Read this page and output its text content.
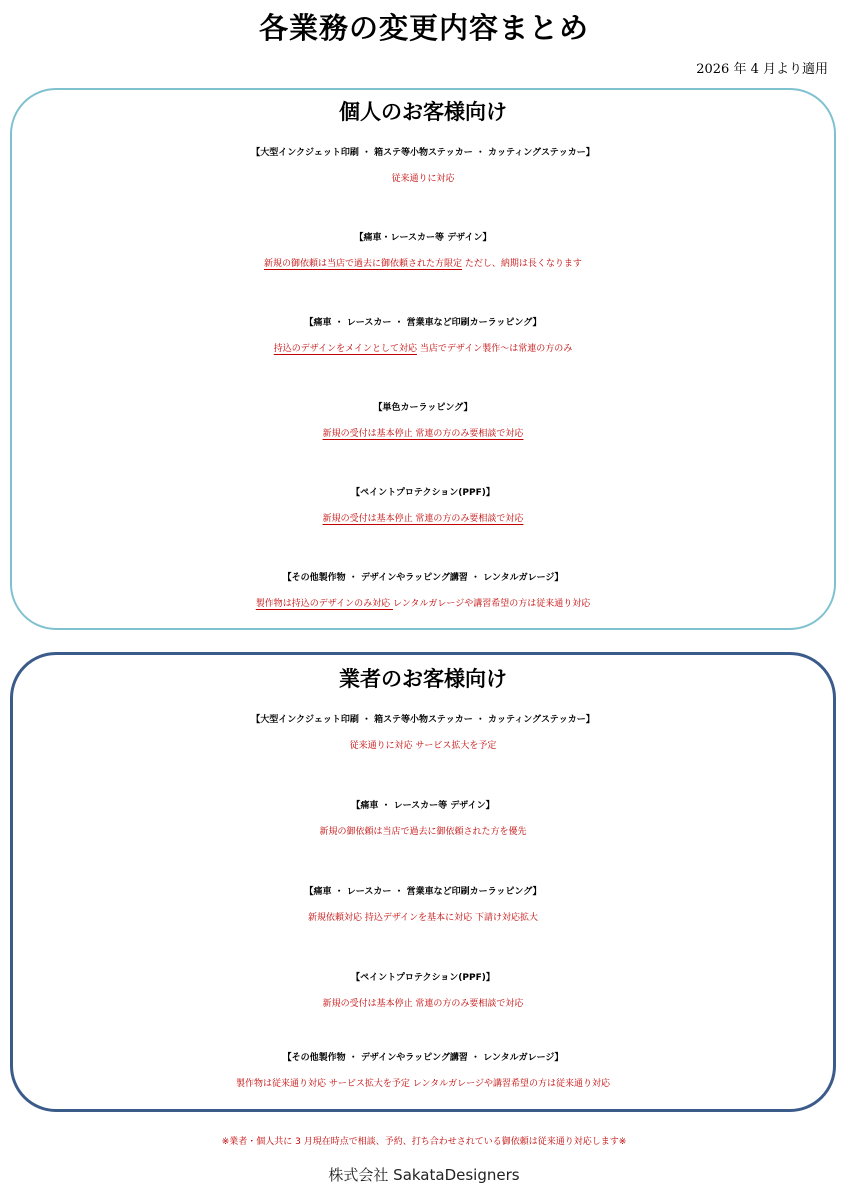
各業務の変更内容まとめ
2026 年 4 月より適用
個人のお客様向け
【大型インクジェット印刷 ・ 箱ステ等小物ステッカー ・ カッティングステッカー】
従来通りに対応
【痛車・レースカー等 デザイン】
新規の御依頼は当店で過去に御依頼された方限定 ただし、納期は長くなります
【痛車 ・ レースカー ・ 営業車など印刷カーラッピング】
持込のデザインをメインとして対応 当店でデザイン製作～は常連の方のみ
【単色カーラッピング】
新規の受付は基本停止 常連の方のみ要相談で対応
【ペイントプロテクション(PPF)】
新規の受付は基本停止 常連の方のみ要相談で対応
【その他製作物 ・ デザインやラッピング講習 ・ レンタルガレージ】
製作物は持込のデザインのみ対応 レンタルガレージや講習希望の方は従来通り対応
業者のお客様向け
【大型インクジェット印刷 ・ 箱ステ等小物ステッカー ・ カッティングステッカー】
従来通りに対応 サービス拡大を予定
【痛車 ・ レースカー等 デザイン】
新規の御依頼は当店で過去に御依頼された方を優先
【痛車 ・ レースカー ・ 営業車など印刷カーラッピング】
新規依頼対応 持込デザインを基本に対応 下請け対応拡大
【ペイントプロテクション(PPF)】
新規の受付は基本停止 常連の方のみ要相談で対応
【その他製作物 ・ デザインやラッピング講習 ・ レンタルガレージ】
製作物は従来通り対応 サービス拡大を予定 レンタルガレージや講習希望の方は従来通り対応
※業者・個人共に 3 月現在時点で相談、予約、打ち合わせされている御依頼は従来通り対応します※
株式会社 SakataDesigners
